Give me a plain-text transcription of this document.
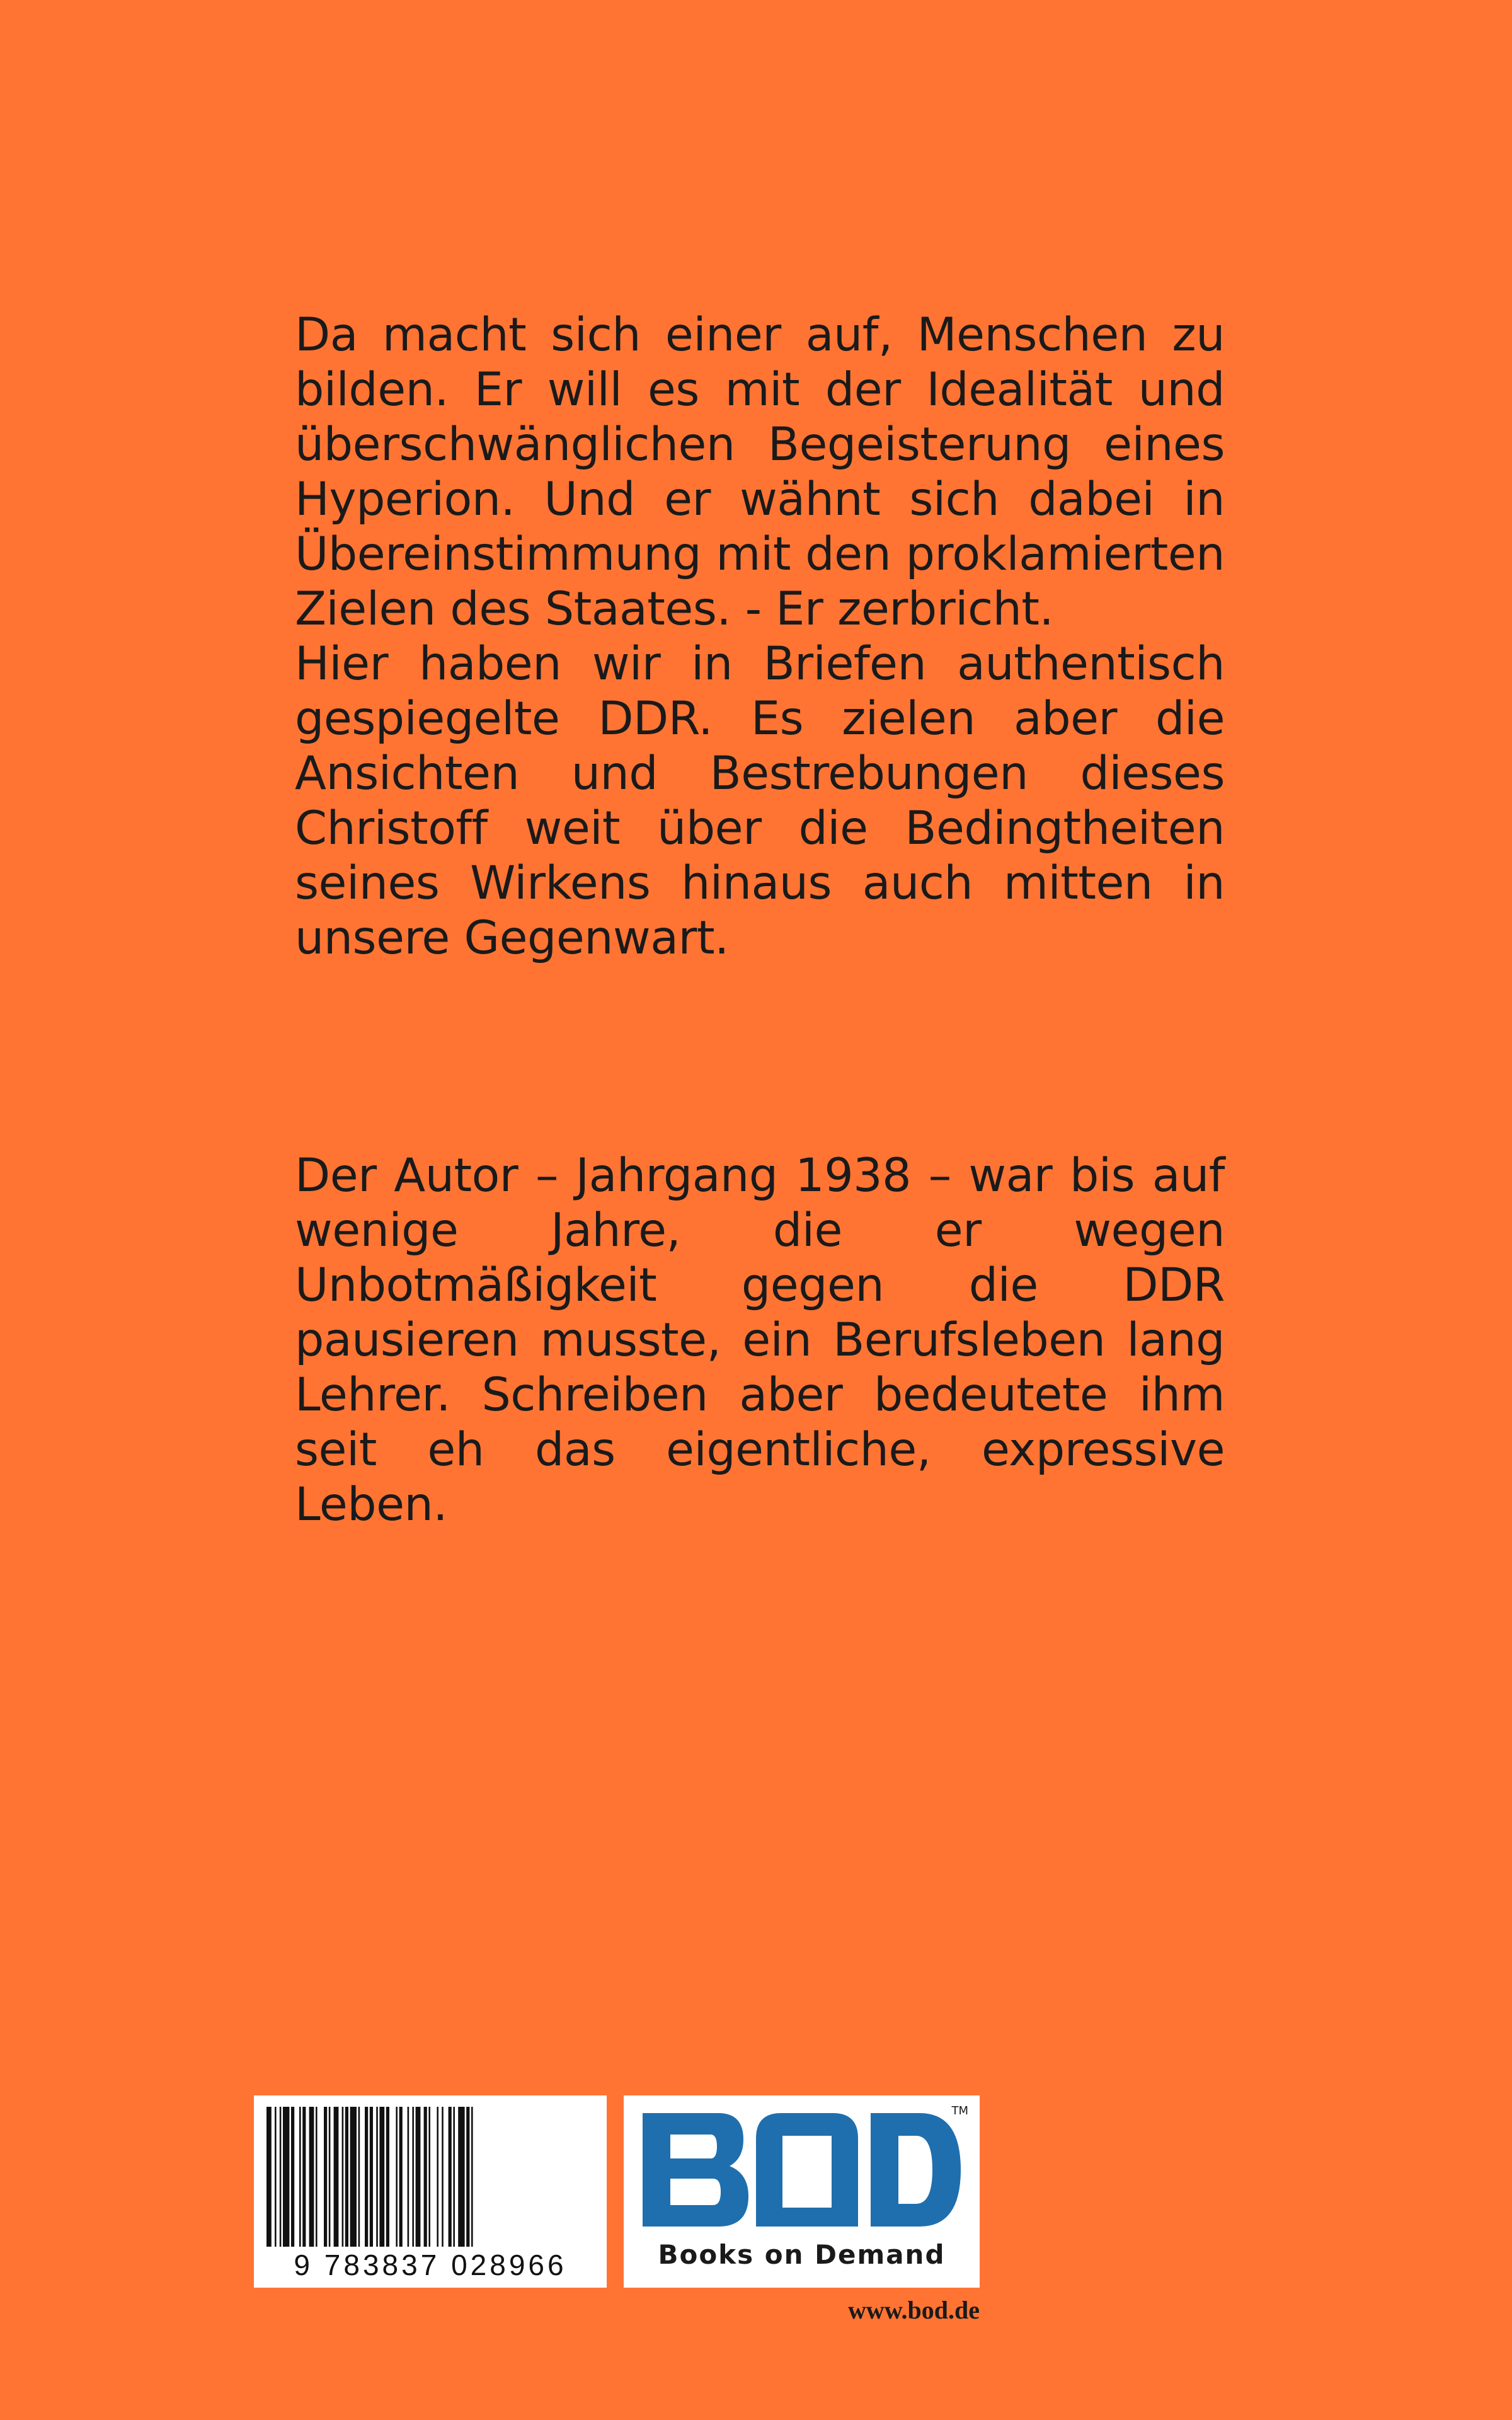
Da macht sich einer auf, Menschen zu bilden. Er will es mit der Idealität und überschwänglichen Begeisterung eines Hyperion. Und er wähnt sich dabei in Übereinstimmung mit den proklamierten Zielen des Staates. - Er zerbricht.

Hier haben wir in Briefen authentisch gespiegelte DDR. Es zielen aber die Ansichten und Bestrebungen dieses Christoff weit über die Bedingtheiten seines Wirkens hinaus auch mitten in unsere Gegenwart.

Der Autor – Jahrgang 1938 – war bis auf wenige Jahre, die er wegen Unbotmäßigkeit gegen die DDR pausieren musste, ein Berufsleben lang Lehrer. Schreiben aber bedeutete ihm seit eh das eigentliche, expressive Leben.

9 783837 028966
TM
Books on Demand
www.bod.de
